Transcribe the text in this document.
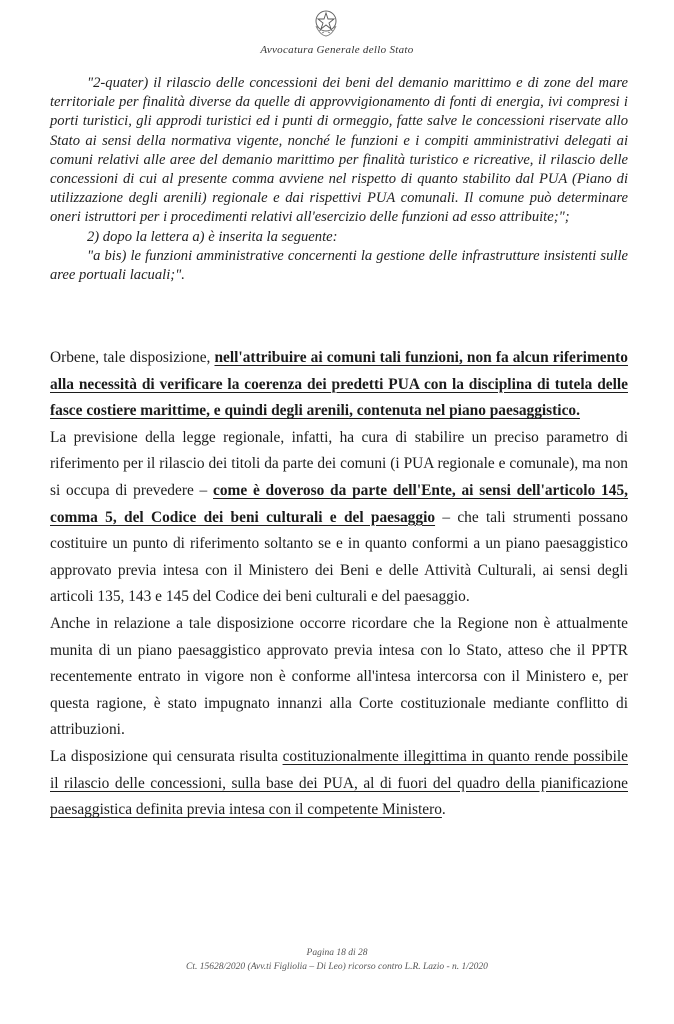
Avvocatura Generale dello Stato

"2-quater) il rilascio delle concessioni dei beni del demanio marittimo e di zone del mare territoriale per finalità diverse da quelle di approvvigionamento di fonti di energia, ivi compresi i porti turistici, gli approdi turistici ed i punti di ormeggio, fatte salve le concessioni riservate allo Stato ai sensi della normativa vigente, nonché le funzioni e i compiti amministrativi delegati ai comuni relativi alle aree del demanio marittimo per finalità turistico e ricreative, il rilascio delle concessioni di cui al presente comma avviene nel rispetto di quanto stabilito dal PUA (Piano di utilizzazione degli arenili) regionale e dai rispettivi PUA comunali. Il comune può determinare oneri istruttori per i procedimenti relativi all'esercizio delle funzioni ad esso attribuite;";

2) dopo la lettera a) è inserita la seguente:

"a bis) le funzioni amministrative concernenti la gestione delle infrastrutture insistenti sulle aree portuali lacuali;".

Orbene, tale disposizione, nell'attribuire ai comuni tali funzioni, non fa alcun riferimento alla necessità di verificare la coerenza dei predetti PUA con la disciplina di tutela delle fasce costiere marittime, e quindi degli arenili, contenuta nel piano paesaggistico.

La previsione della legge regionale, infatti, ha cura di stabilire un preciso parametro di riferimento per il rilascio dei titoli da parte dei comuni (i PUA regionale e comunale), ma non si occupa di prevedere – come è doveroso da parte dell'Ente, ai sensi dell'articolo 145, comma 5, del Codice dei beni culturali e del paesaggio – che tali strumenti possano costituire un punto di riferimento soltanto se e in quanto conformi a un piano paesaggistico approvato previa intesa con il Ministero dei Beni e delle Attività Culturali, ai sensi degli articoli 135, 143 e 145 del Codice dei beni culturali e del paesaggio.

Anche in relazione a tale disposizione occorre ricordare che la Regione non è attualmente munita di un piano paesaggistico approvato previa intesa con lo Stato, atteso che il PPTR recentemente entrato in vigore non è conforme all'intesa intercorsa con il Ministero e, per questa ragione, è stato impugnato innanzi alla Corte costituzionale mediante conflitto di attribuzioni.

La disposizione qui censurata risulta costituzionalmente illegittima in quanto rende possibile il rilascio delle concessioni, sulla base dei PUA, al di fuori del quadro della pianificazione paesaggistica definita previa intesa con il competente Ministero.

Pagina 18 di 28
Ct. 15628/2020 (Avv.ti Figliolia – Di Leo) ricorso contro L.R. Lazio - n. 1/2020
